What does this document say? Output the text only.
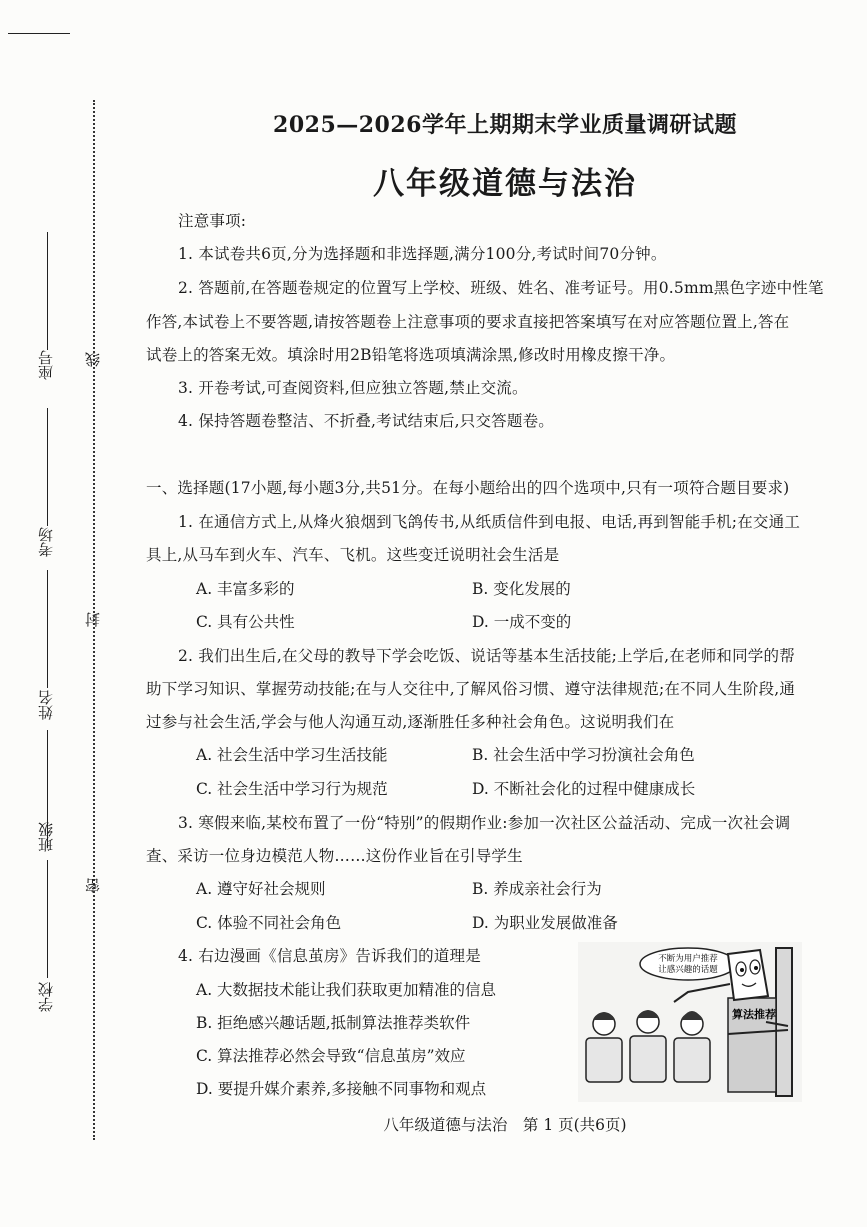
座号
考场
姓名
班级
学校
线
封
密
2025—2026学年上期期末学业质量调研试题
八年级道德与法治
注意事项:
1. 本试卷共6页,分为选择题和非选择题,满分100分,考试时间70分钟。
2. 答题前,在答题卷规定的位置写上学校、班级、姓名、准考证号。用0.5mm黑色字迹中性笔
作答,本试卷上不要答题,请按答题卷上注意事项的要求直接把答案填写在对应答题位置上,答在
试卷上的答案无效。填涂时用2B铅笔将选项填满涂黑,修改时用橡皮擦干净。
3. 开卷考试,可查阅资料,但应独立答题,禁止交流。
4. 保持答题卷整洁、不折叠,考试结束后,只交答题卷。
一、选择题(17小题,每小题3分,共51分。在每小题给出的四个选项中,只有一项符合题目要求)
1. 在通信方式上,从烽火狼烟到飞鸽传书,从纸质信件到电报、电话,再到智能手机;在交通工
具上,从马车到火车、汽车、飞机。这些变迁说明社会生活是
A. 丰富多彩的	B. 变化发展的
C. 具有公共性	D. 一成不变的
2. 我们出生后,在父母的教导下学会吃饭、说话等基本生活技能;上学后,在老师和同学的帮
助下学习知识、掌握劳动技能;在与人交往中,了解风俗习惯、遵守法律规范;在不同人生阶段,通
过参与社会生活,学会与他人沟通互动,逐渐胜任多种社会角色。这说明我们在
A. 社会生活中学习生活技能	B. 社会生活中学习扮演社会角色
C. 社会生活中学习行为规范	D. 不断社会化的过程中健康成长
3. 寒假来临,某校布置了一份“特别”的假期作业:参加一次社区公益活动、完成一次社会调
查、采访一位身边模范人物……这份作业旨在引导学生
A. 遵守好社会规则	B. 养成亲社会行为
C. 体验不同社会角色	D. 为职业发展做准备
4. 右边漫画《信息茧房》告诉我们的道理是
A. 大数据技术能让我们获取更加精准的信息
B. 拒绝感兴趣话题,抵制算法推荐类软件
C. 算法推荐必然会导致“信息茧房”效应
D. 要提升媒介素养,多接触不同事物和观点
不断为用户推荐
让感兴趣的话题
算法推荐
八年级道德与法治　第 1 页(共6页)
